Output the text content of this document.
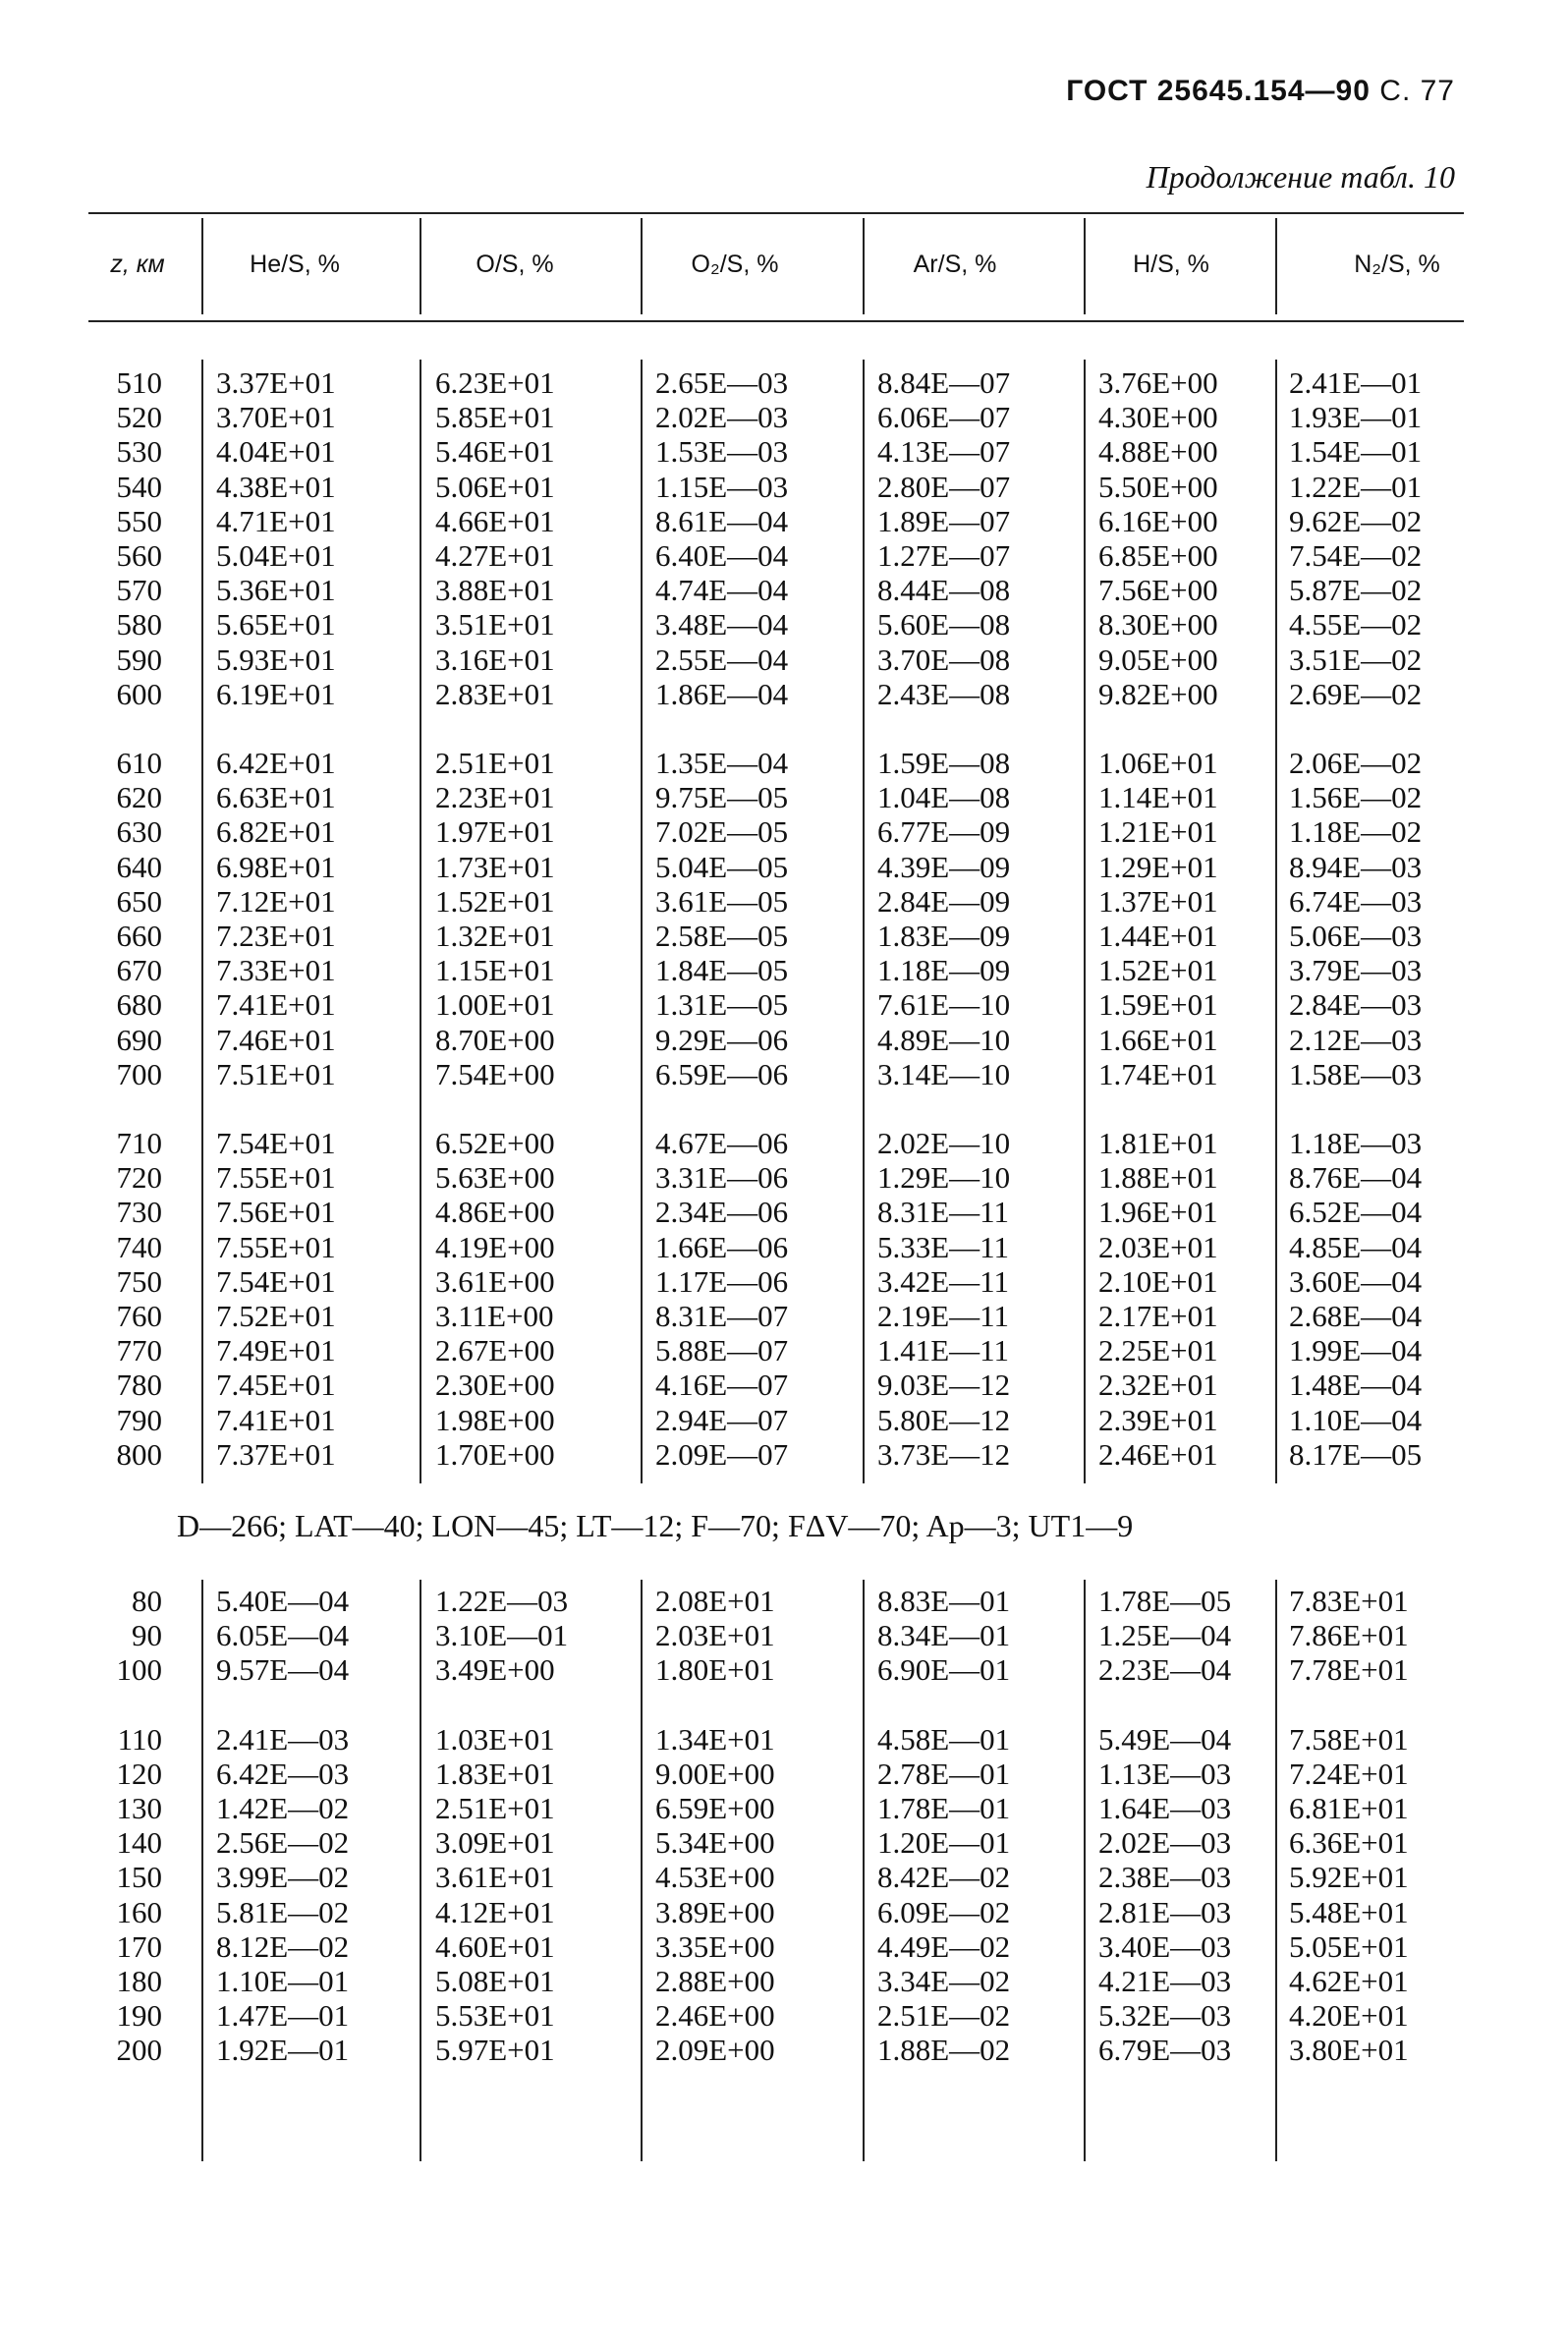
ГОСТ 25645.154—90 С. 77
Продолжение табл. 10
z, км	He/S, %	O/S, %	O₂/S, %	Ar/S, %	H/S, %	N₂/S, %
510 3.37E+01	6.23E+01	2.65E—03	8.84E—07	3.76E+00 2.41E—01
520 3.70E+01	5.85E+01	2.02E—03	6.06E—07	4.30E+00 1.93E—01
530 4.04E+01	5.46E+01	1.53E—03	4.13E—07	4.88E+00 1.54E—01
540 4.38E+01	5.06E+01	1.15E—03	2.80E—07	5.50E+00 1.22E—01
550 4.71E+01	4.66E+01	8.61E—04	1.89E—07	6.16E+00 9.62E—02
560 5.04E+01	4.27E+01	6.40E—04	1.27E—07	6.85E+00 7.54E—02
570 5.36E+01	3.88E+01	4.74E—04	8.44E—08	7.56E+00 5.87E—02
580 5.65E+01	3.51E+01	3.48E—04	5.60E—08	8.30E+00 4.55E—02
590 5.93E+01	3.16E+01	2.55E—04	3.70E—08	9.05E+00 3.51E—02
600 6.19E+01	2.83E+01	1.86E—04	2.43E—08	9.82E+00 2.69E—02
610 6.42E+01	2.51E+01	1.35E—04	1.59E—08	1.06E+01 2.06E—02
620 6.63E+01	2.23E+01	9.75E—05	1.04E—08	1.14E+01 1.56E—02
630 6.82E+01	1.97E+01	7.02E—05	6.77E—09	1.21E+01 1.18E—02
640 6.98E+01	1.73E+01	5.04E—05	4.39E—09	1.29E+01 8.94E—03
650 7.12E+01	1.52E+01	3.61E—05	2.84E—09	1.37E+01 6.74E—03
660 7.23E+01	1.32E+01	2.58E—05	1.83E—09	1.44E+01 5.06E—03
670 7.33E+01	1.15E+01	1.84E—05	1.18E—09	1.52E+01 3.79E—03
680 7.41E+01	1.00E+01	1.31E—05	7.61E—10	1.59E+01 2.84E—03
690 7.46E+01	8.70E+00	9.29E—06	4.89E—10	1.66E+01 2.12E—03
700 7.51E+01	7.54E+00	6.59E—06	3.14E—10	1.74E+01 1.58E—03
710 7.54E+01	6.52E+00	4.67E—06	2.02E—10	1.81E+01 1.18E—03
720 7.55E+01	5.63E+00	3.31E—06	1.29E—10	1.88E+01 8.76E—04
730 7.56E+01	4.86E+00	2.34E—06	8.31E—11	1.96E+01 6.52E—04
740 7.55E+01	4.19E+00	1.66E—06	5.33E—11	2.03E+01 4.85E—04
750 7.54E+01	3.61E+00	1.17E—06	3.42E—11	2.10E+01 3.60E—04
760 7.52E+01	3.11E+00	8.31E—07	2.19E—11	2.17E+01 2.68E—04
770 7.49E+01	2.67E+00	5.88E—07	1.41E—11	2.25E+01 1.99E—04
780 7.45E+01	2.30E+00	4.16E—07	9.03E—12	2.32E+01 1.48E—04
790 7.41E+01	1.98E+00	2.94E—07	5.80E—12	2.39E+01 1.10E—04
800 7.37E+01	1.70E+00	2.09E—07	3.73E—12	2.46E+01 8.17E—05
D—266; LAT—40; LON—45; LT—12; F—70; FΔV—70; Ap—3; UT1—9
80 5.40E—04	1.22E—03	2.08E+01	8.83E—01	1.78E—05 7.83E+01
90 6.05E—04	3.10E—01	2.03E+01	8.34E—01	1.25E—04 7.86E+01
100 9.57E—04	3.49E+00	1.80E+01	6.90E—01	2.23E—04 7.78E+01
110 2.41E—03	1.03E+01	1.34E+01	4.58E—01	5.49E—04 7.58E+01
120 6.42E—03	1.83E+01	9.00E+00	2.78E—01	1.13E—03 7.24E+01
130 1.42E—02	2.51E+01	6.59E+00	1.78E—01	1.64E—03 6.81E+01
140 2.56E—02	3.09E+01	5.34E+00	1.20E—01	2.02E—03 6.36E+01
150 3.99E—02	3.61E+01	4.53E+00	8.42E—02	2.38E—03 5.92E+01
160 5.81E—02	4.12E+01	3.89E+00	6.09E—02	2.81E—03 5.48E+01
170 8.12E—02	4.60E+01	3.35E+00	4.49E—02	3.40E—03 5.05E+01
180 1.10E—01	5.08E+01	2.88E+00	3.34E—02	4.21E—03 4.62E+01
190 1.47E—01	5.53E+01	2.46E+00	2.51E—02	5.32E—03 4.20E+01
200 1.92E—01	5.97E+01	2.09E+00	1.88E—02	6.79E—03 3.80E+01
